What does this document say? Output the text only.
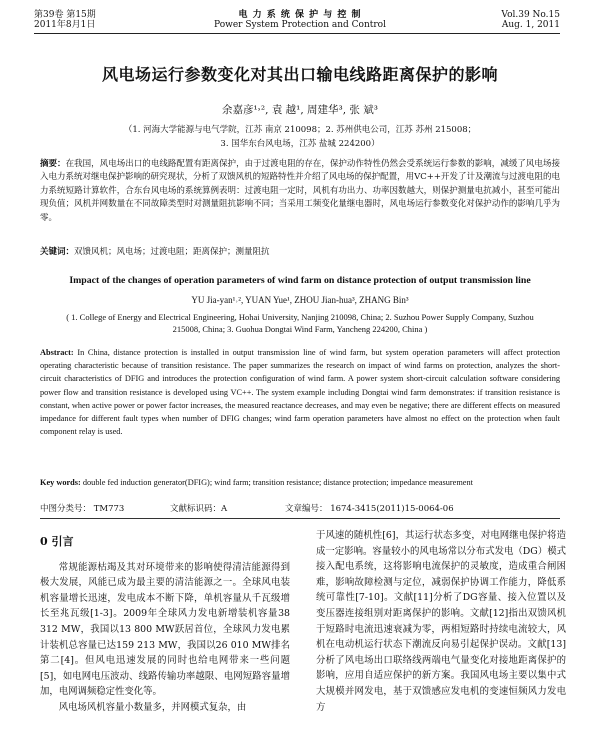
第39卷 第15期
2011年8月1日
电 力 系 统 保 护 与 控 制
Power System Protection and Control
Vol.39 No.15
Aug. 1, 2011
风电场运行参数变化对其出口输电线路距离保护的影响
余嘉彦¹˒², 袁 越¹, 周建华³, 张 斌³
（1. 河海大学能源与电气学院，江苏 南京 210098；2. 苏州供电公司，江苏 苏州 215008；
3. 国华东台风电场，江苏 盐城 224200）
摘要：在我国，风电场出口的电线路配置有距离保护，由于过渡电阻的存在，保护动作特性仍然会受系统运行参数的影响，减缓了风电场接入电力系统对继电保护影响的研究现状，分析了双馈风机的短路特性并介绍了风电场的保护配置，用VC++开发了计及潮流与过渡电阻的电力系统短路计算软件，合东台风电场的系统算例表明：过渡电阻一定时，风机有功出力、功率因数越大，则保护测量电抗减小，甚至可能出现负值；风机并网数量在不同故障类型时对测量阻抗影响不同；当采用工频变化量继电器时，风电场运行参数变化对保护动作的影响几乎为零。
关键词：双馈风机；风电场；过渡电阻；距离保护；测量阻抗
Impact of the changes of operation parameters of wind farm on distance protection of output transmission line
YU Jia-yan¹˒², YUAN Yue¹, ZHOU Jian-hua³, ZHANG Bin³
( 1. College of Energy and Electrical Engineering, Hohai University, Nanjing 210098, China; 2. Suzhou Power Supply Company, Suzhou
215008, China; 3. Guohua Dongtai Wind Farm, Yancheng 224200, China )
Abstract: In China, distance protection is installed in output transmission line of wind farm, but system operation parameters will affect protection operating characteristic because of transition resistance. The paper summarizes the research on impact of wind farms on protection, analyzes the short-circuit characteristics of DFIG and introduces the protection configuration of wind farm. A power system short-circuit calculation software considering power flow and transition resistance is developed using VC++. The system example including Dongtai wind farm demonstrates: if transition resistance is constant, when active power or power factor increases, the measured reactance decreases, and may even be negative; there are different effects on measured impedance for different fault types when number of DFIG changes; wind farm operation parameters have almost no effect on the protection when fault component relay is used.
Key words: double fed induction generator(DFIG); wind farm; transition resistance; distance protection; impedance measurement
中图分类号： TM773	文献标识码：A	文章编号： 1674-3415(2011)15-0064-06
0 引言

常规能源枯竭及其对环境带来的影响使得清洁能源得到极大发展，风能已成为最主要的清洁能源之一。全球风电装机容量增长迅速，发电成本不断下降，单机容量从千瓦级增长至兆瓦级[1-3]。2009年全球风力发电新增装机容量38 312 MW，我国以13 800 MW跃居首位，全球风力发电累计装机总容量已达159 213 MW，我国以26 010 MW排名第二[4]。但风电迅速发展的同时也给电网带来一些问题[5]，如电网电压波动、线路传输功率越限、电网短路容量增加，电网调频稳定性变化等。

风电场风机容量小数量多，并网模式复杂，由

于风速的随机性[6]，其运行状态多变，对电网继电保护将造成一定影响。容量较小的风电场常以分布式发电（DG）模式接入配电系统，这将影响电流保护的灵敏度，造成重合闸困难，影响故障检测与定位，减弱保护协调工作能力，降低系统可靠性[7-10]。文献[11]分析了DG容量、接入位置以及变压器连接组别对距离保护的影响。文献[12]指出双馈风机于短路时电流迅速衰减为零，两相短路时持续电流较大，风机在电动机运行状态下潮流反向易引起保护误动。文献[13]分析了风电场出口联络线两端电气量变化对接地距离保护的影响，应用自适应保护的新方案。我国风电场主要以集中式大规模并网发电，基于双馈感应发电机的变速恒频风力发电方
